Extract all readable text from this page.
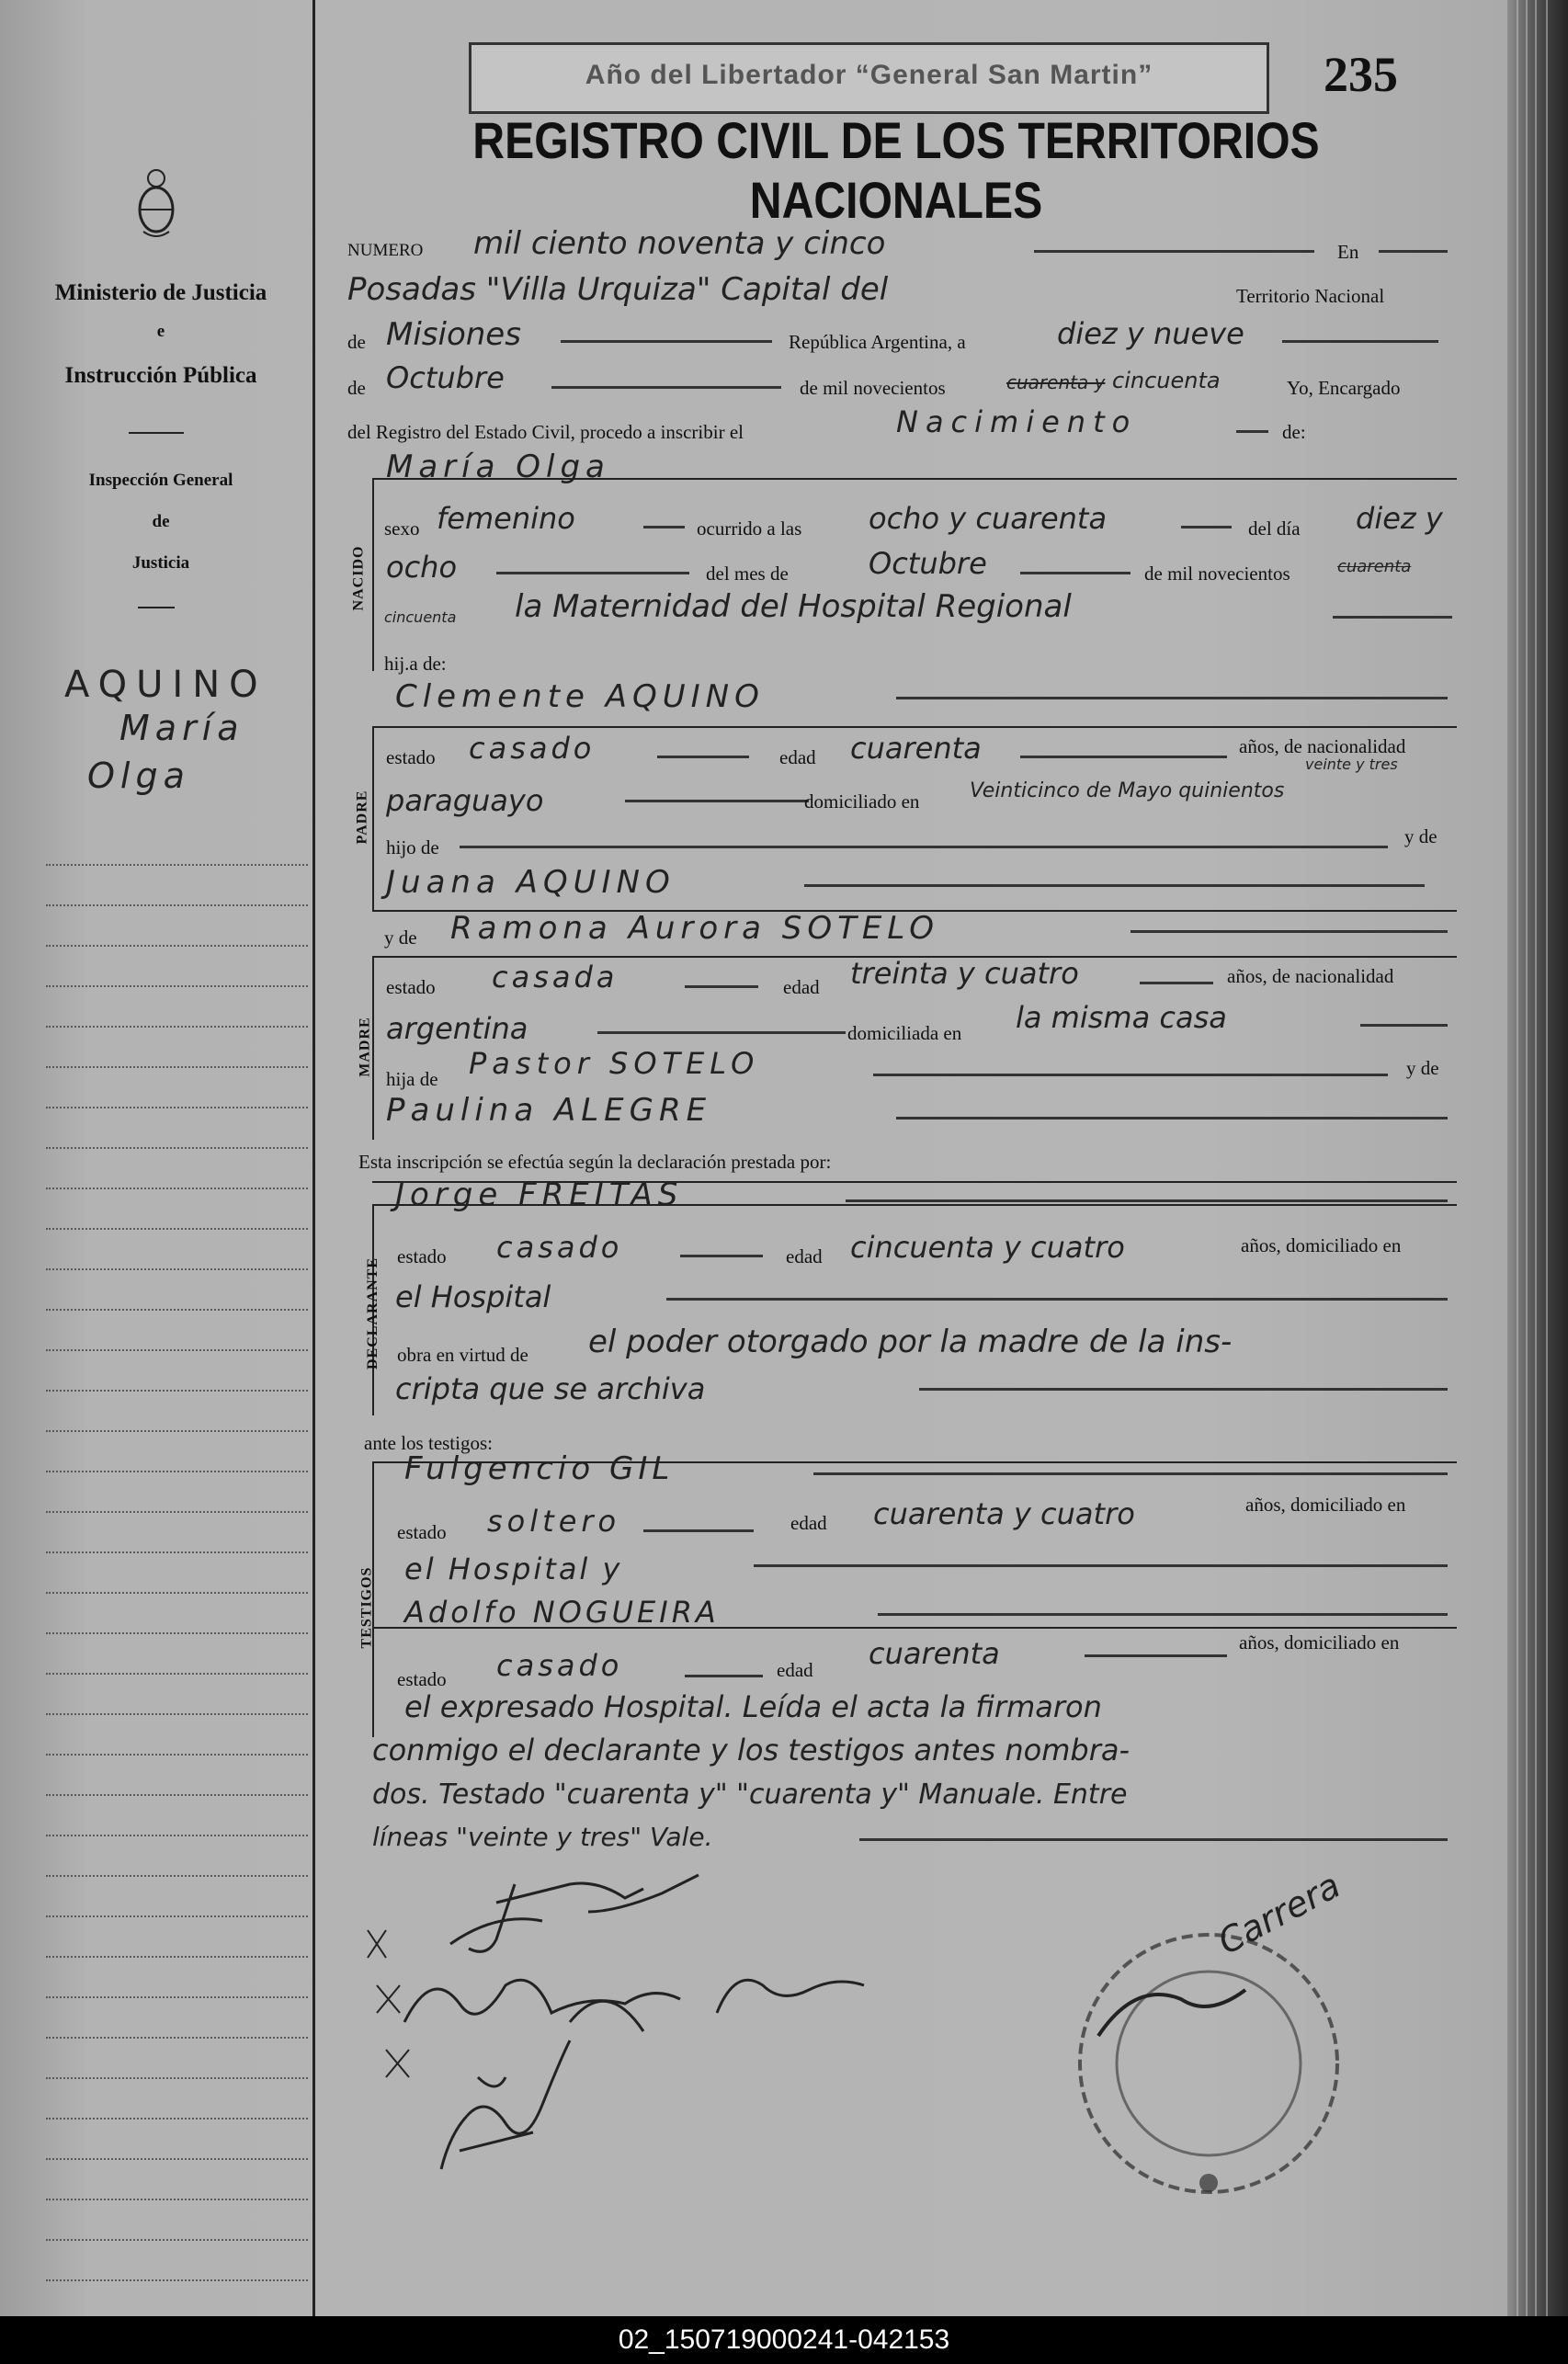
Ministerio de Justicia
e
Instrucción Pública
Inspección General
de
Justicia
AQUINO
María
Olga
Año del Libertador “General San Martin”	235
REGISTRO CIVIL DE LOS TERRITORIOS NACIONALES
NUMERO mil ciento noventa y cinco	En
Posadas "Villa Urquiza" Capital del	Territorio Nacional
de Misiones	República Argentina, a	diez y nueve
de Octubre	de mil novecientos	cuarenta y cincuenta	Yo, Encargado
del Registro del Estado Civil, procedo a inscribir el	Nacimiento	de:
NACIDO
María Olga
sexo femenino	ocurrido a las ocho y cuarenta	del día diez y
ocho	del mes de	Octubre	de mil novecientos	cuarenta
cincuenta la Maternidad del Hospital Regional
hij.a de:
PADRE
Clemente AQUINO
estado casado	edad cuarenta	años, de nacionalidad
paraguayo	domiciliado en Veinticinco de Mayo quinientos
veinte y tres
hijo de	y de
Juana AQUINO
y de Ramona Aurora SOTELO
MADRE
estado casada	edad treinta y cuatro	años, de nacionalidad
argentina	domiciliada en la misma casa
hija de Pastor SOTELO	y de
Paulina ALEGRE
Esta inscripción se efectúa según la declaración prestada por:
Jorge FREITAS
DECLARANTE
estado casado	edad cincuenta y cuatro	años, domiciliado en
el Hospital
obra en virtud de el poder otorgado por la madre de la ins-
cripta que se archiva
ante los testigos:
TESTIGOS
Fulgencio GIL
estado soltero	edad cuarenta y cuatro	años, domiciliado en
el Hospital y
Adolfo NOGUEIRA
estado casado	edad cuarenta	años, domiciliado en
el expresado Hospital. Leída el acta la firmaron
conmigo el declarante y los testigos antes nombra-
dos. Testado "cuarenta y" "cuarenta y" Manuale. Entre
líneas "veinte y tres" Vale.
Carrera
02_150719000241-042153
